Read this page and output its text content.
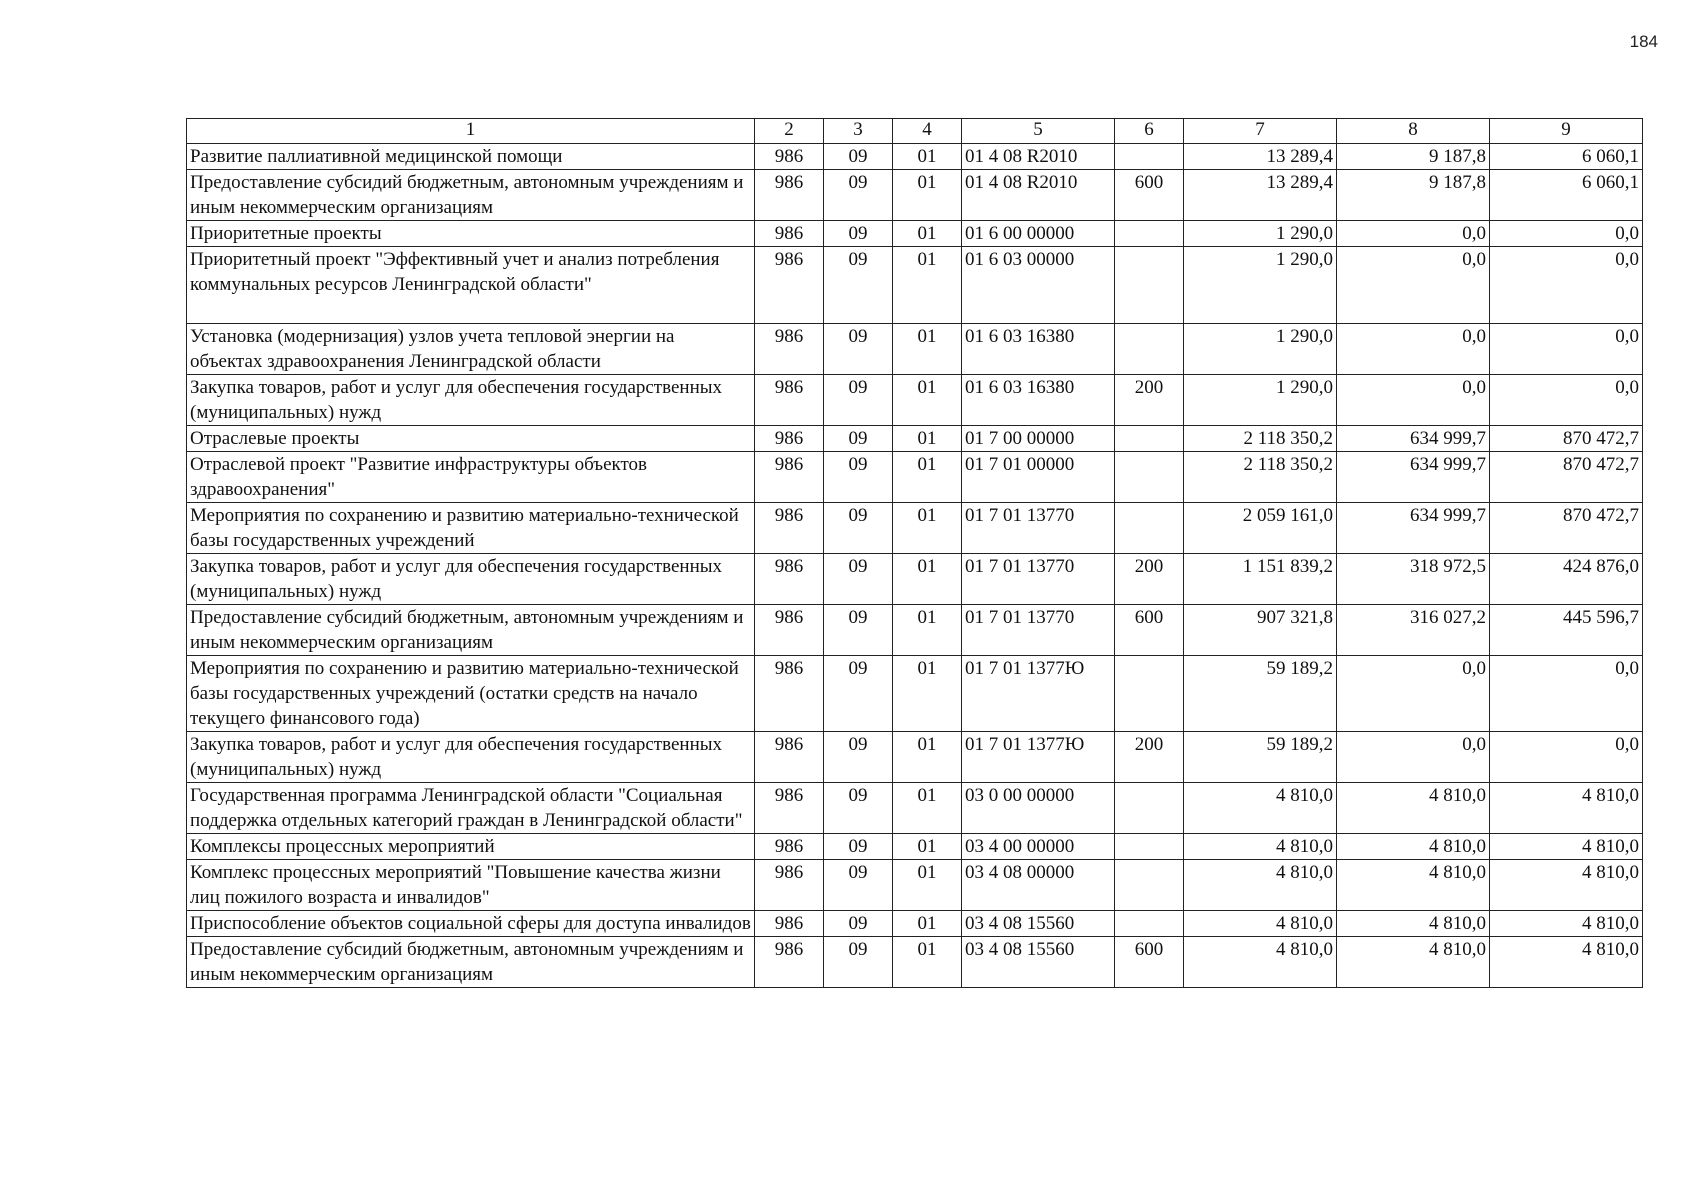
184
1	2	3	4	5	6	7	8	9
Развитие паллиативной медицинской помощи	986	09	01	01 4 08 R2010		13 289,4	9 187,8	6 060,1
Предоставление субсидий бюджетным, автономным учреждениям и иным некоммерческим организациям	986	09	01	01 4 08 R2010	600	13 289,4	9 187,8	6 060,1
Приоритетные проекты	986	09	01	01 6 00 00000		1 290,0	0,0	0,0
Приоритетный проект "Эффективный учет и анализ потребления коммунальных ресурсов Ленинградской области"	986	09	01	01 6 03 00000		1 290,0	0,0	0,0
Установка (модернизация) узлов учета тепловой энергии на объектах здравоохранения Ленинградской области	986	09	01	01 6 03 16380		1 290,0	0,0	0,0
Закупка товаров, работ и услуг для обеспечения государственных (муниципальных) нужд	986	09	01	01 6 03 16380	200	1 290,0	0,0	0,0
Отраслевые проекты	986	09	01	01 7 00 00000		2 118 350,2	634 999,7	870 472,7
Отраслевой проект "Развитие инфраструктуры объектов здравоохранения"	986	09	01	01 7 01 00000		2 118 350,2	634 999,7	870 472,7
Мероприятия по сохранению и развитию материально-технической базы государственных учреждений	986	09	01	01 7 01 13770		2 059 161,0	634 999,7	870 472,7
Закупка товаров, работ и услуг для обеспечения государственных (муниципальных) нужд	986	09	01	01 7 01 13770	200	1 151 839,2	318 972,5	424 876,0
Предоставление субсидий бюджетным, автономным учреждениям и иным некоммерческим организациям	986	09	01	01 7 01 13770	600	907 321,8	316 027,2	445 596,7
Мероприятия по сохранению и развитию материально-технической базы государственных учреждений (остатки средств на начало текущего финансового года)	986	09	01	01 7 01 1377Ю		59 189,2	0,0	0,0
Закупка товаров, работ и услуг для обеспечения государственных (муниципальных) нужд	986	09	01	01 7 01 1377Ю	200	59 189,2	0,0	0,0
Государственная программа Ленинградской области "Социальная поддержка отдельных категорий граждан в Ленинградской области"	986	09	01	03 0 00 00000		4 810,0	4 810,0	4 810,0
Комплексы процессных мероприятий	986	09	01	03 4 00 00000		4 810,0	4 810,0	4 810,0
Комплекс процессных мероприятий "Повышение качества жизни лиц пожилого возраста и инвалидов"	986	09	01	03 4 08 00000		4 810,0	4 810,0	4 810,0
Приспособление объектов социальной сферы для доступа инвалидов	986	09	01	03 4 08 15560		4 810,0	4 810,0	4 810,0
Предоставление субсидий бюджетным, автономным учреждениям и иным некоммерческим организациям	986	09	01	03 4 08 15560	600	4 810,0	4 810,0	4 810,0
